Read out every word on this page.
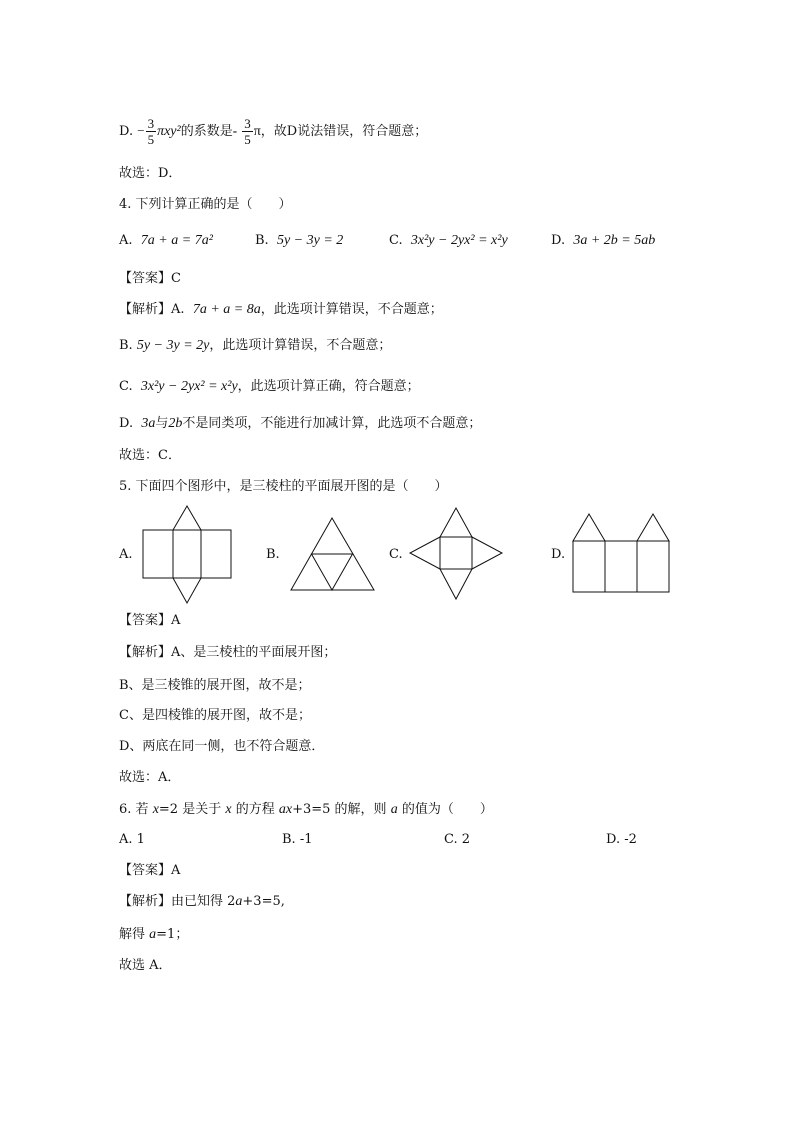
D. − $\frac{3}{5} \pi xy^2$的系数是- $\frac{3}{5}$ π，故D说法错误，符合题意；
故选：D．
4. 下列计算正确的是（　　）
A. 7a + a = 7a²	B. 5y − 3y = 2	C. 3x²y − 2yx² = x²y	D. 3a + 2b = 5ab
【答案】C
【解析】A. 7a + a = 8a，此选项计算错误，不合题意；
B. 5y − 3y = 2y，此选项计算错误，不合题意；
C. 3x²y − 2yx² = x²y，此选项计算正确，符合题意；
D. 3a与2b不是同类项，不能进行加减计算，此选项不合题意；
故选：C．
5. 下面四个图形中，是三棱柱的平面展开图的是（　　）
A.	B.	C.	D.
【答案】A
【解析】A、是三棱柱的平面展开图；
B、是三棱锥的展开图，故不是；
C、是四棱锥的展开图，故不是；
D、两底在同一侧，也不符合题意．
故选：A．
6. 若 x=2 是关于 x 的方程 ax+3=5 的解，则 a 的值为（　　）
A. 1	B. -1	C. 2	D. -2
【答案】A
【解析】由已知得 2a+3=5,
解得 a=1；
故选 A．
